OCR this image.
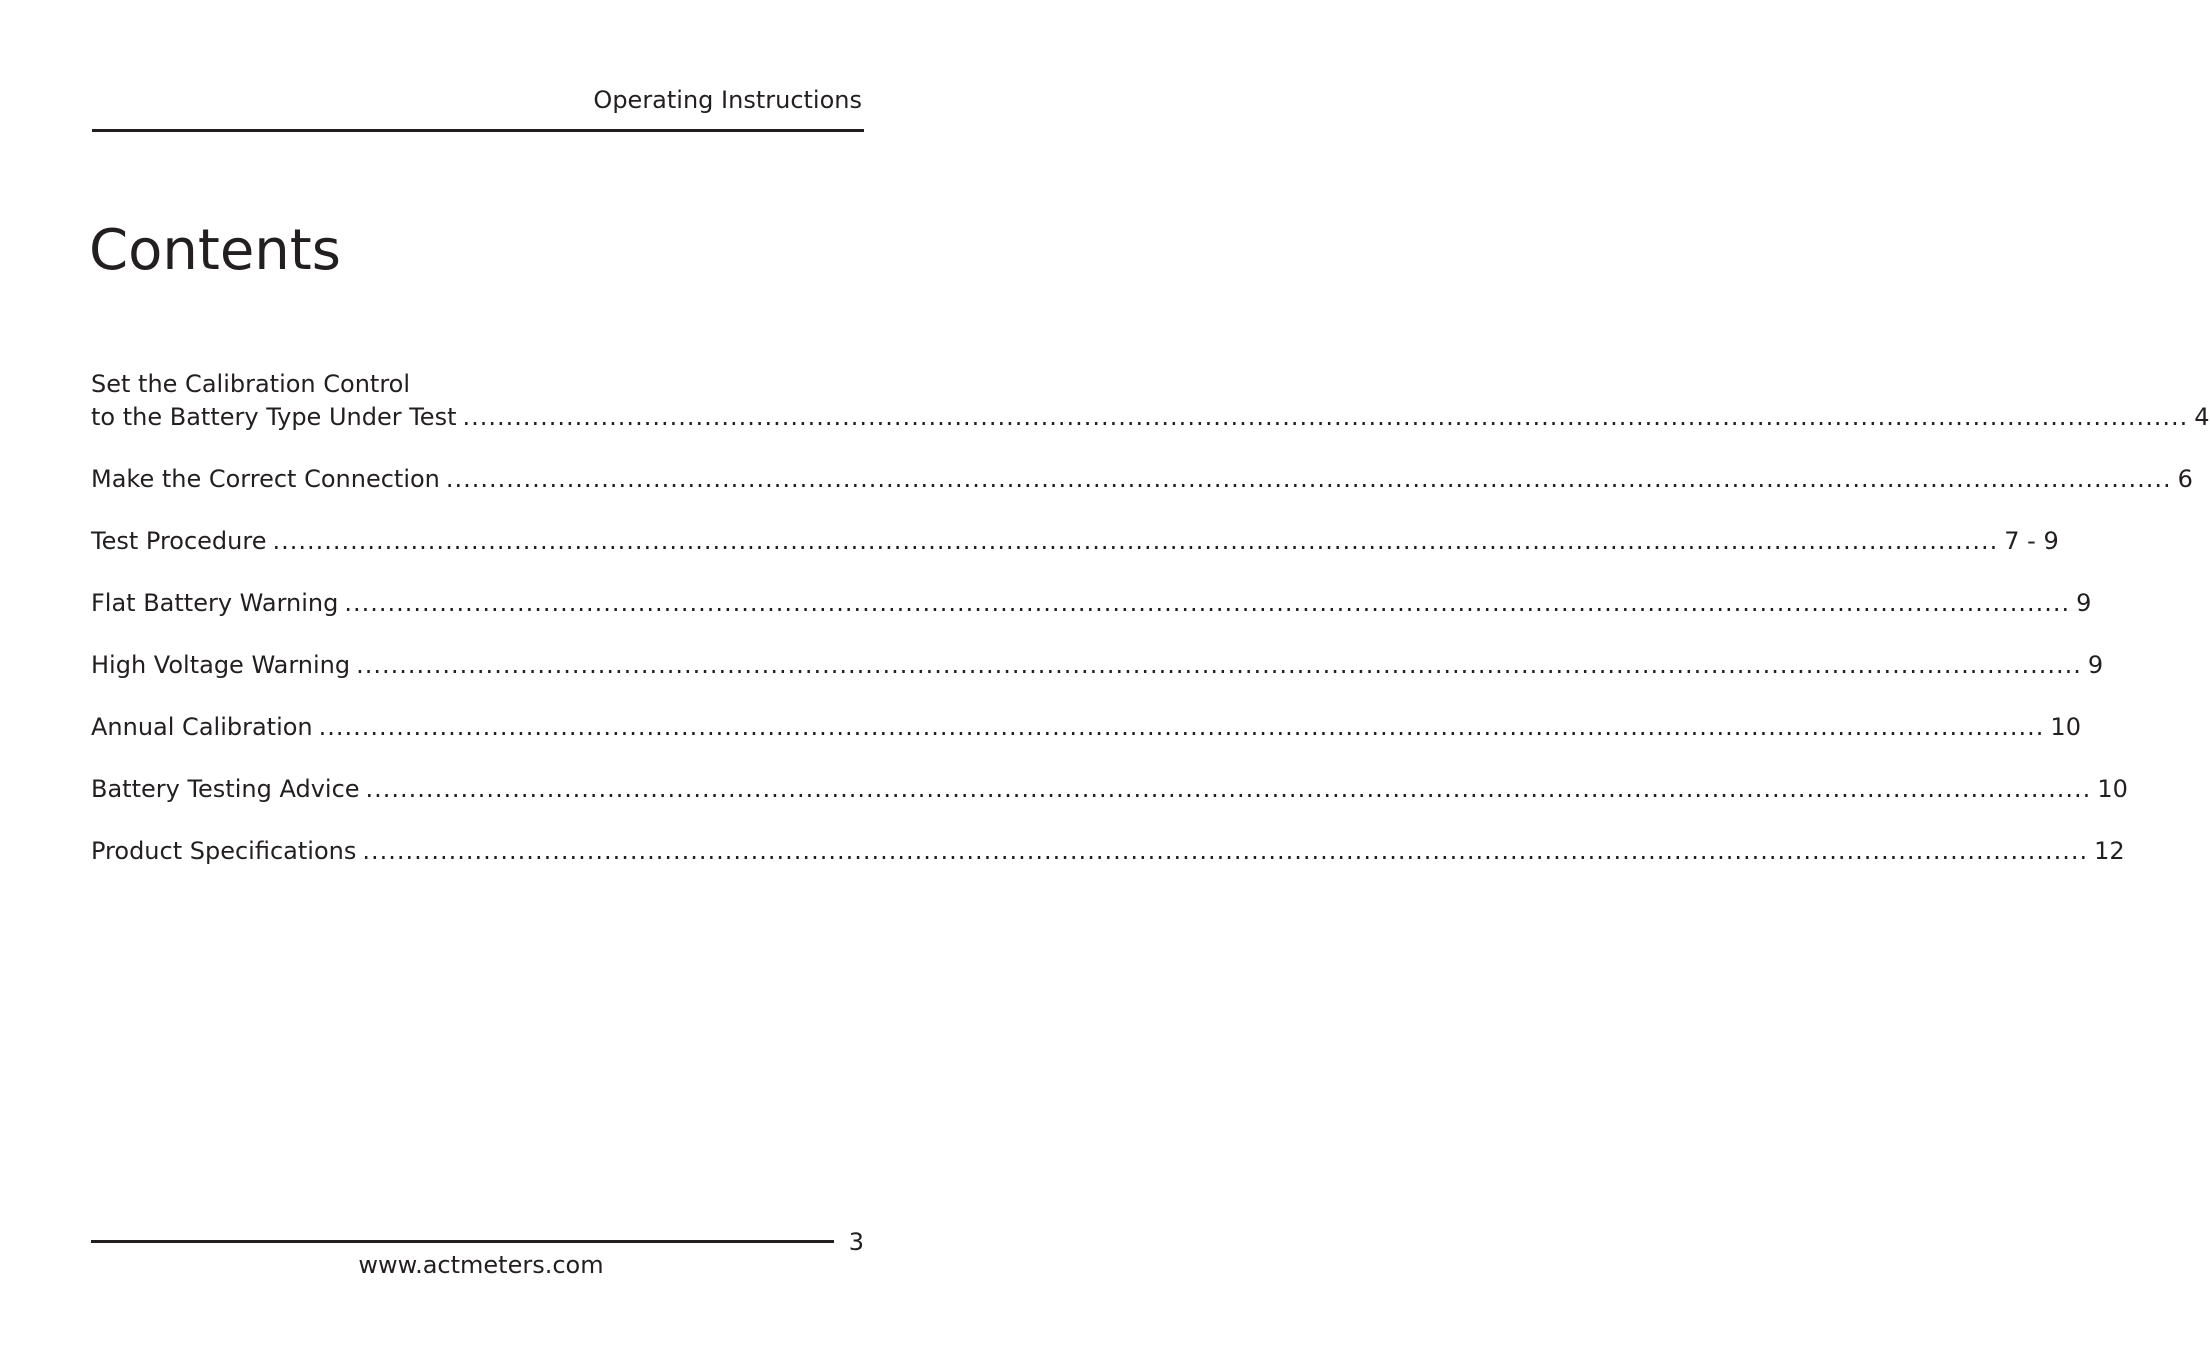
Operating Instructions
Contents
Set the Calibration Control
to the Battery Type Under Test ........................................................................................................................................................................................................ 4
Make the Correct Connection ........................................................................................................................................................................................................ 6
Test Procedure ........................................................................................................................................................................................................ 7 - 9
Flat Battery Warning ........................................................................................................................................................................................................ 9
High Voltage Warning ........................................................................................................................................................................................................ 9
Annual Calibration ........................................................................................................................................................................................................ 10
Battery Testing Advice ........................................................................................................................................................................................................ 10
Product Specifications ........................................................................................................................................................................................................ 12
3
www.actmeters.com
